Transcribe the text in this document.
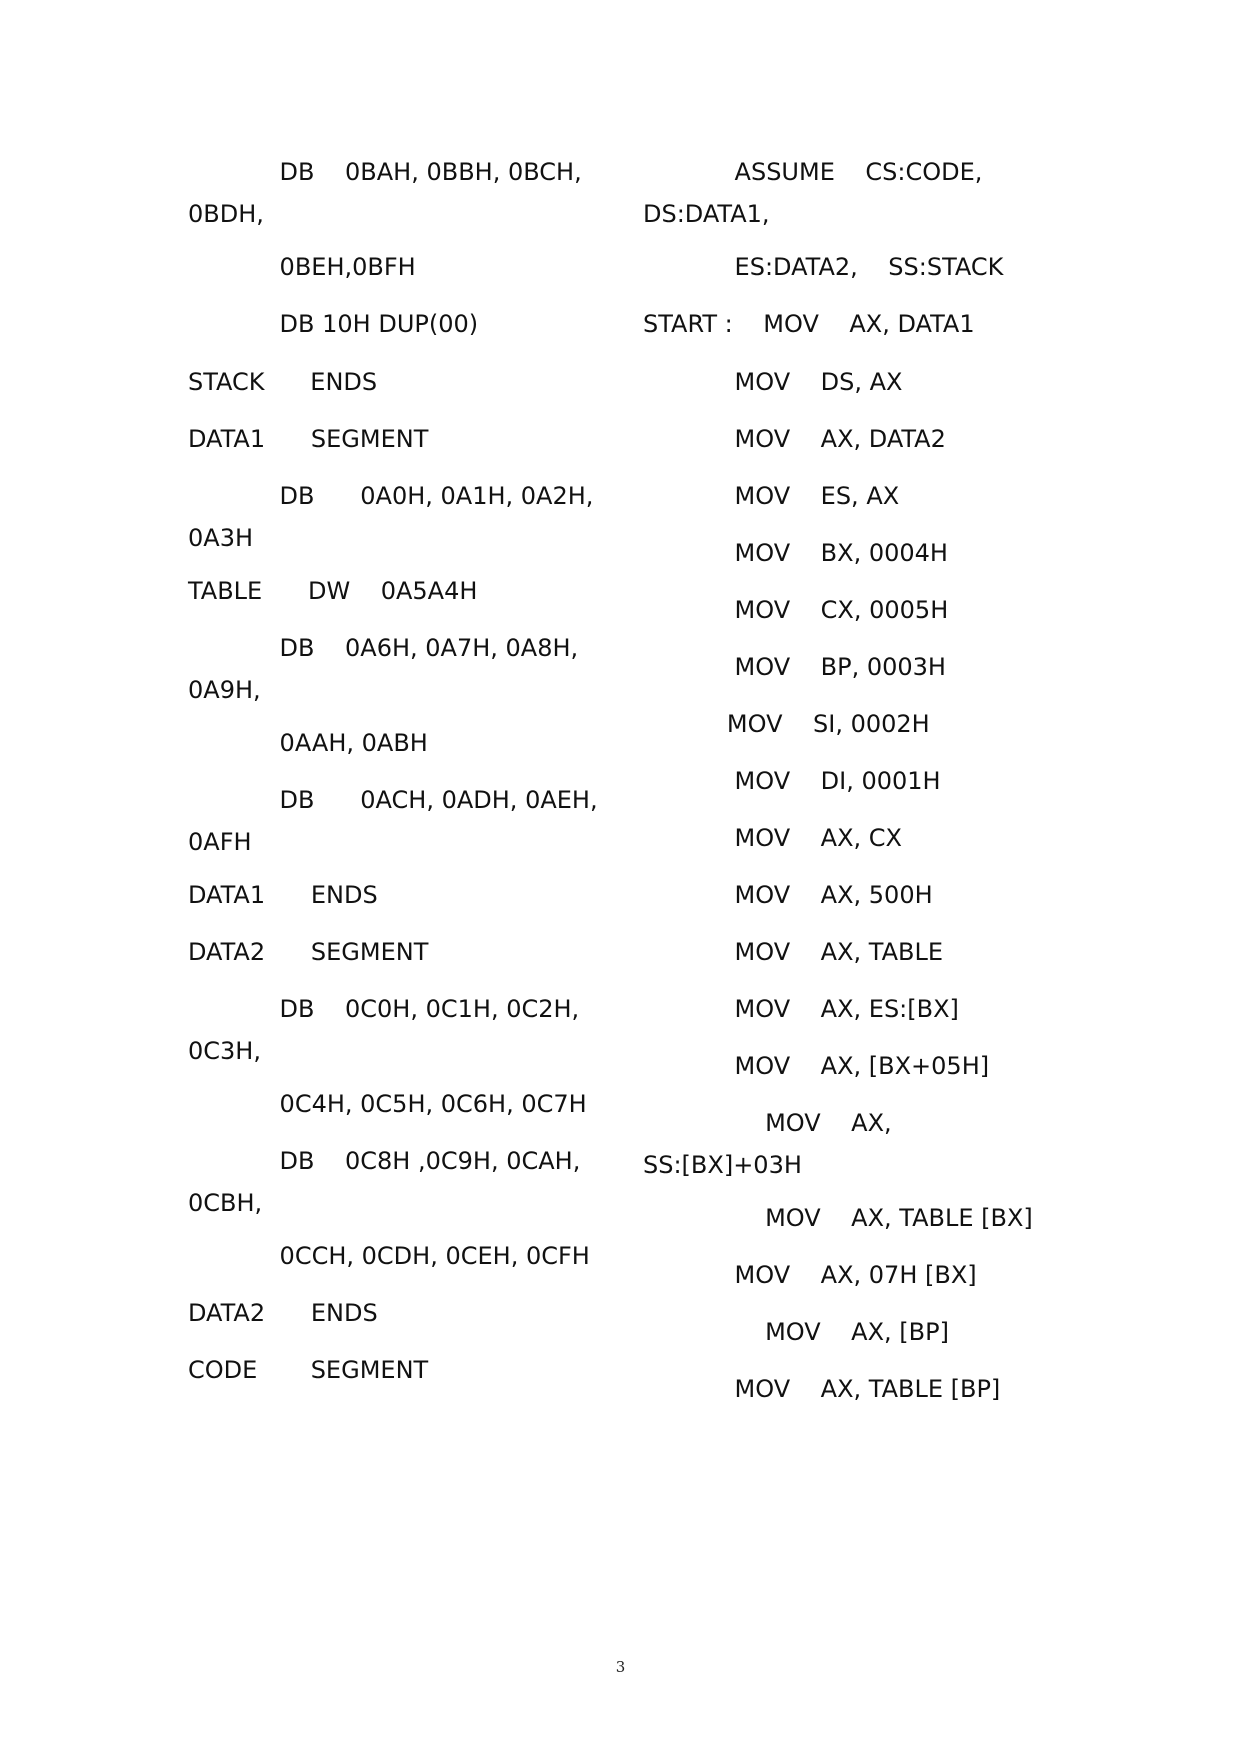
DB    0BAH, 0BBH, 0BCH,
0BDH,
0BEH,0BFH
DB 10H DUP(00)
STACK      ENDS
DATA1      SEGMENT
DB      0A0H, 0A1H, 0A2H,
0A3H
TABLE      DW    0A5A4H
DB    0A6H, 0A7H, 0A8H,
0A9H,
0AAH, 0ABH
DB      0ACH, 0ADH, 0AEH,
0AFH
DATA1      ENDS
DATA2      SEGMENT
DB    0C0H, 0C1H, 0C2H,
0C3H,
0C4H, 0C5H, 0C6H, 0C7H
DB    0C8H ,0C9H, 0CAH,
0CBH,
0CCH, 0CDH, 0CEH, 0CFH
DATA2      ENDS
CODE       SEGMENT
ASSUME    CS:CODE,
DS:DATA1,
ES:DATA2,    SS:STACK
START :    MOV    AX, DATA1
MOV    DS, AX
MOV    AX, DATA2
MOV    ES, AX
MOV    BX, 0004H
MOV    CX, 0005H
MOV    BP, 0003H
MOV    SI, 0002H
MOV    DI, 0001H
MOV    AX, CX
MOV    AX, 500H
MOV    AX, TABLE
MOV    AX, ES:[BX]
MOV    AX, [BX+05H]
MOV    AX,
SS:[BX]+03H
MOV    AX, TABLE [BX]
MOV    AX, 07H [BX]
MOV    AX, [BP]
MOV    AX, TABLE [BP]
3
